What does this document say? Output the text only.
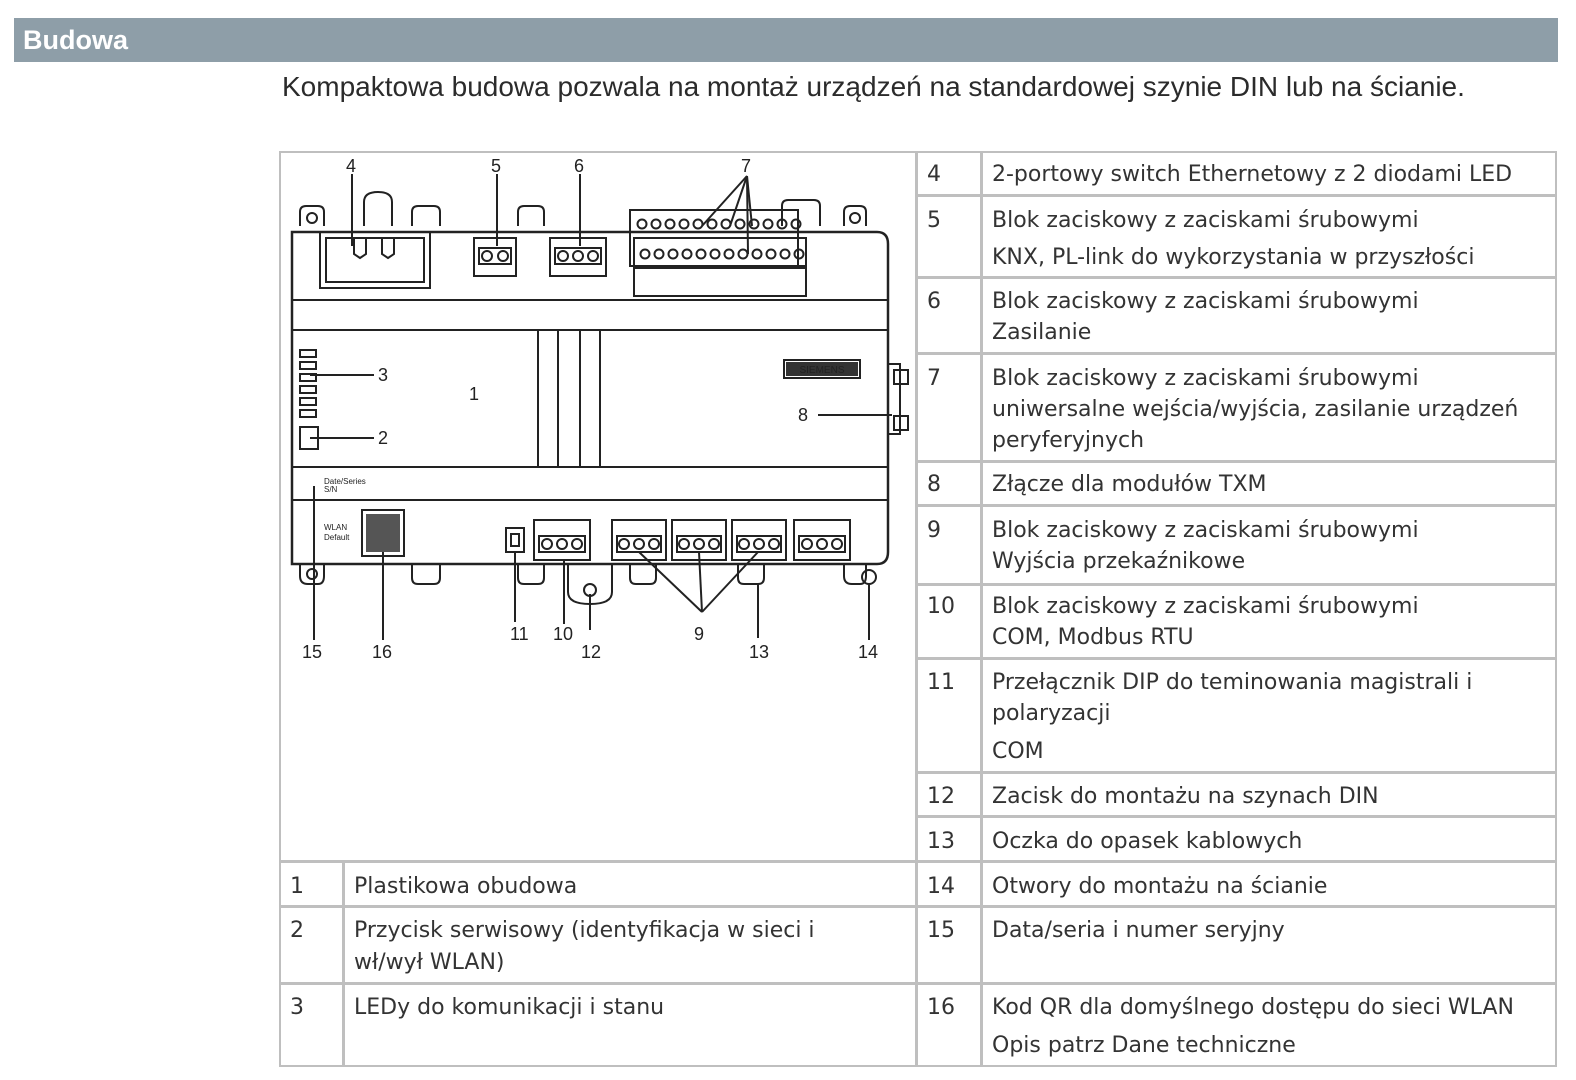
Budowa
Kompaktowa budowa pozwala na montaż urządzeń na standardowej szynie DIN lub na ścianie.
4 2-portowy switch Ethernetowy z 2 diodami LED
5 Blok zaciskowy z zaciskami śrubowymi
KNX, PL-link do wykorzystania w przyszłości
6 Blok zaciskowy z zaciskami śrubowymi
Zasilanie
7 Blok zaciskowy z zaciskami śrubowymi
uniwersalne wejścia/wyjścia, zasilanie urządzeń
peryferyjnych
8 Złącze dla modułów TXM
9 Blok zaciskowy z zaciskami śrubowymi
Wyjścia przekaźnikowe
10 Blok zaciskowy z zaciskami śrubowymi
COM, Modbus RTU
11 Przełącznik DIP do teminowania magistrali i
polaryzacji
COM
12 Zacisk do montażu na szynach DIN
13 Oczka do opasek kablowych
14 Otwory do montażu na ścianie
15 Data/seria i numer seryjny
16 Kod QR dla domyślnego dostępu do sieci WLAN
Opis patrz Dane techniczne
1 Plastikowa obudowa
2 Przycisk serwisowy (identyfikacja w sieci i
wł/wył WLAN)
3 LEDy do komunikacji i stanu
SIEMENS
Date/Series
S/N
WLAN
Default
1
2
3
4	5	6	7
8
9
10
11
12	13	14
15	16
